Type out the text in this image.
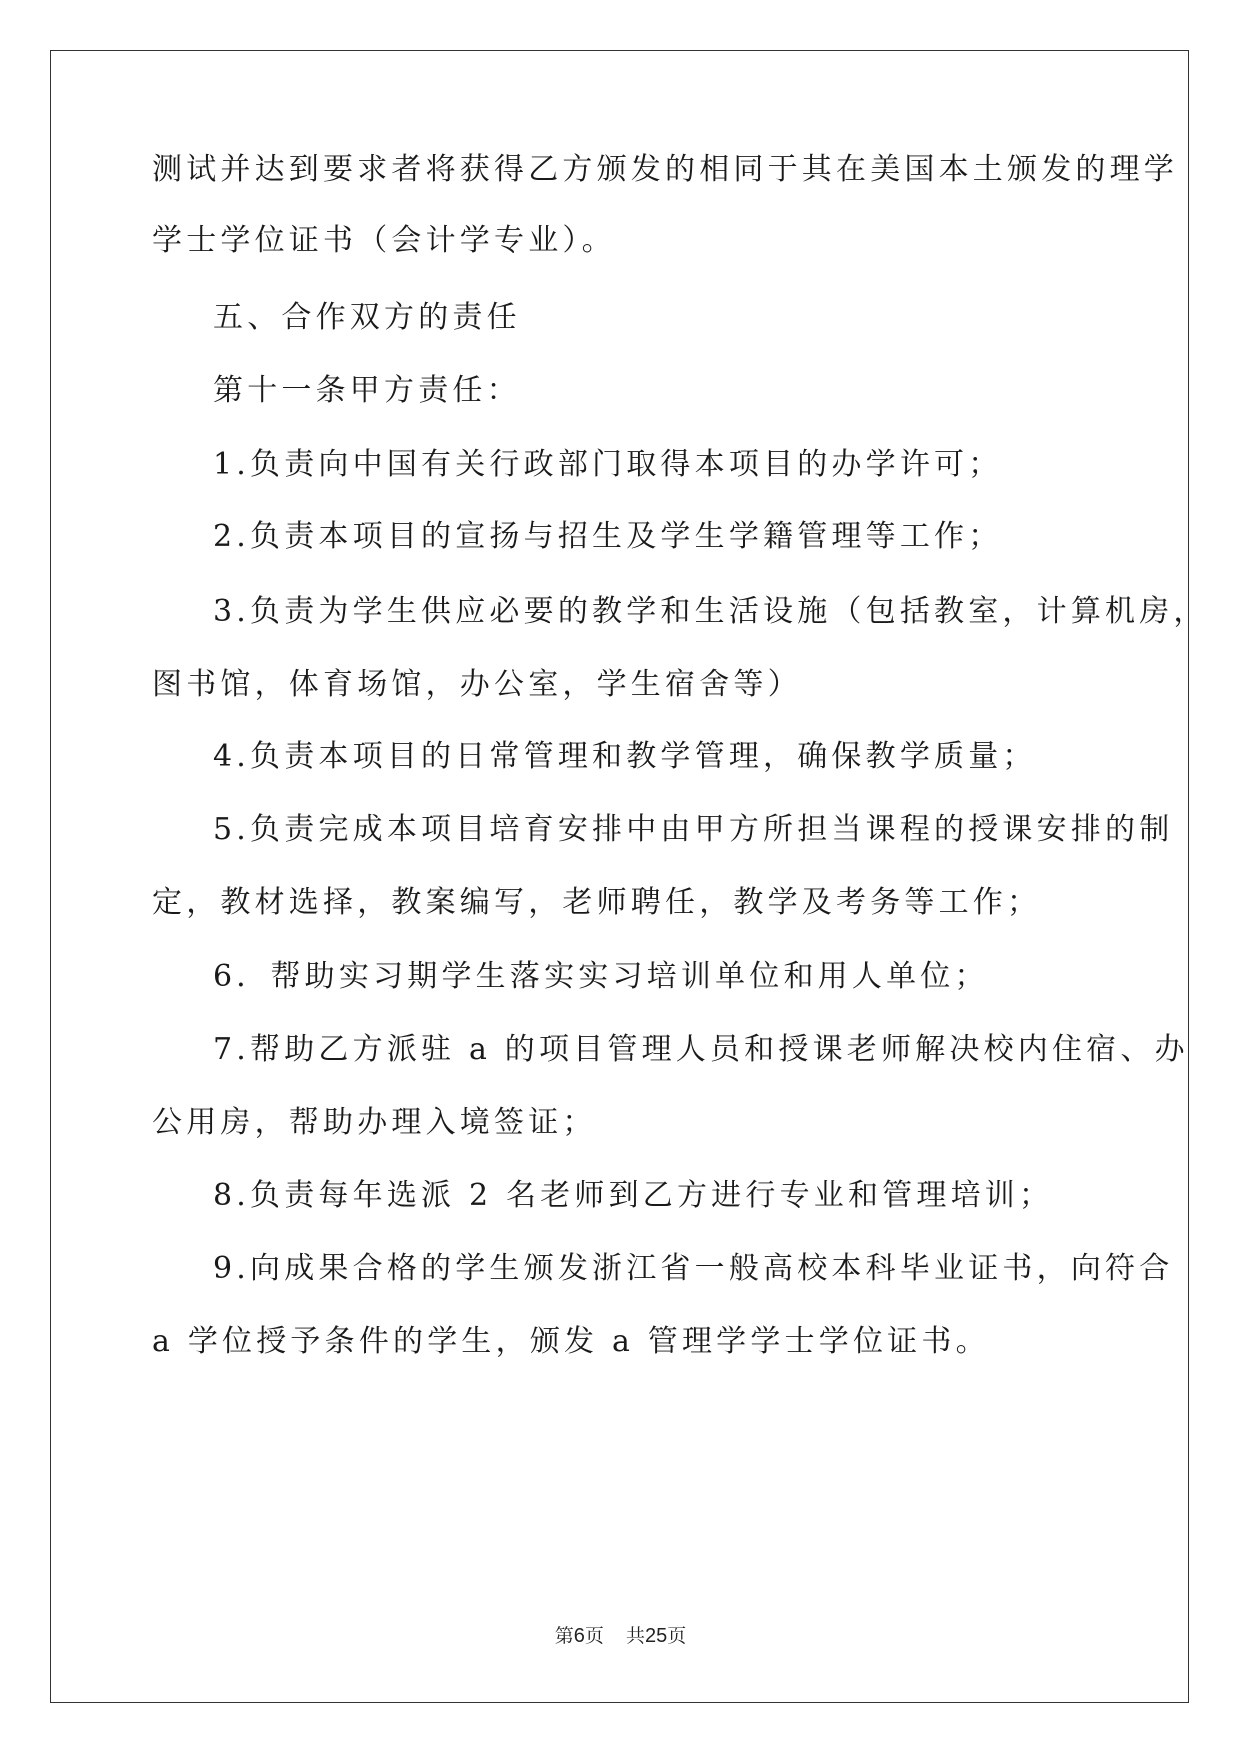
测试并达到要求者将获得乙方颁发的相同于其在美国本土颁发的理学
学士学位证书（会计学专业）。
五、合作双方的责任
第十一条甲方责任：
1.负责向中国有关行政部门取得本项目的办学许可；
2.负责本项目的宣扬与招生及学生学籍管理等工作；
3.负责为学生供应必要的教学和生活设施（包括教室，计算机房，
图书馆，体育场馆，办公室，学生宿舍等）
4.负责本项目的日常管理和教学管理，确保教学质量；
5.负责完成本项目培育安排中由甲方所担当课程的授课安排的制
定，教材选择，教案编写，老师聘任，教学及考务等工作；
6．帮助实习期学生落实实习培训单位和用人单位；
7.帮助乙方派驻 a 的项目管理人员和授课老师解决校内住宿、办
公用房，帮助办理入境签证；
8.负责每年选派 2 名老师到乙方进行专业和管理培训；
9.向成果合格的学生颁发浙江省一般高校本科毕业证书，向符合
a 学位授予条件的学生，颁发 a 管理学学士学位证书。
第6页 共25页
